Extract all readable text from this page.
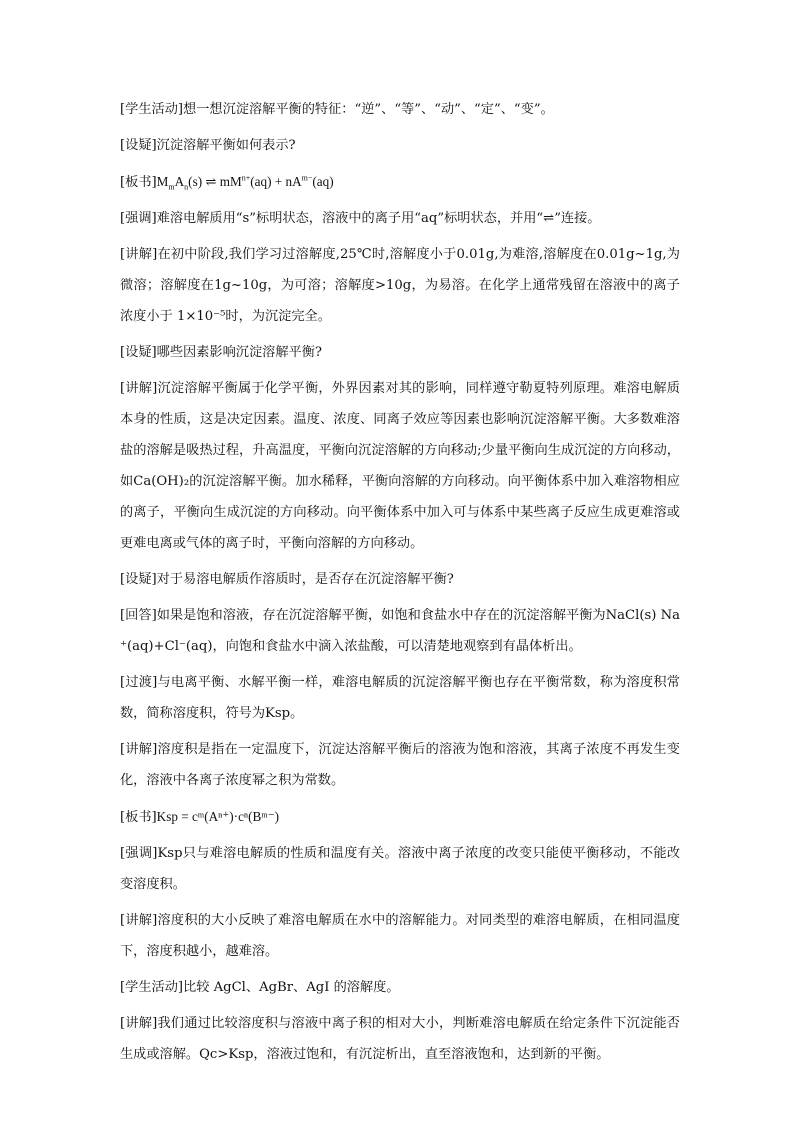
[学生活动]想一想沉淀溶解平衡的特征：“逆”、“等”、“动”、“定”、“变”。

[设疑]沉淀溶解平衡如何表示?

[板书]$M_mA_n(s)$ ⇌ $mM^{n+}(aq) + nA^{m-}(aq)$

[强调]难溶电解质用“s”标明状态，溶液中的离子用“aq”标明状态，并用“⇌”连接。

[讲解]在初中阶段,我们学习过溶解度,25℃时,溶解度小于0.01g,为难溶,溶解度在0.01g~1g,为微溶；溶解度在1g~10g，为可溶；溶解度>10g，为易溶。在化学上通常残留在溶液中的离子浓度小于 1×10⁻⁵时，为沉淀完全。

[设疑]哪些因素影响沉淀溶解平衡?

[讲解]沉淀溶解平衡属于化学平衡，外界因素对其的影响，同样遵守勒夏特列原理。难溶电解质本身的性质，这是决定因素。温度、浓度、同离子效应等因素也影响沉淀溶解平衡。大多数难溶盐的溶解是吸热过程，升高温度，平衡向沉淀溶解的方向移动;少量平衡向生成沉淀的方向移动，如Ca(OH)₂的沉淀溶解平衡。加水稀释，平衡向溶解的方向移动。向平衡体系中加入难溶物相应的离子，平衡向生成沉淀的方向移动。向平衡体系中加入可与体系中某些离子反应生成更难溶或更难电离或气体的离子时，平衡向溶解的方向移动。

[设疑]对于易溶电解质作溶质时，是否存在沉淀溶解平衡?

[回答]如果是饱和溶液，存在沉淀溶解平衡，如饱和食盐水中存在的沉淀溶解平衡为NaCl(s) Na⁺(aq)+Cl⁻(aq)，向饱和食盐水中滴入浓盐酸，可以清楚地观察到有晶体析出。

[过渡]与电离平衡、水解平衡一样，难溶电解质的沉淀溶解平衡也存在平衡常数，称为溶度积常数，简称溶度积，符号为Ksp。

[讲解]溶度积是指在一定温度下，沉淀达溶解平衡后的溶液为饱和溶液，其离子浓度不再发生变化，溶液中各离子浓度幂之积为常数。

[板书]Ksp = cᵐ(Aⁿ⁺)·cⁿ(Bᵐ⁻)

[强调]Ksp只与难溶电解质的性质和温度有关。溶液中离子浓度的改变只能使平衡移动，不能改变溶度积。

[讲解]溶度积的大小反映了难溶电解质在水中的溶解能力。对同类型的难溶电解质，在相同温度下，溶度积越小，越难溶。

[学生活动]比较 AgCl、AgBr、AgI 的溶解度。

[讲解]我们通过比较溶度积与溶液中离子积的相对大小，判断难溶电解质在给定条件下沉淀能否生成或溶解。Qc>Ksp，溶液过饱和，有沉淀析出，直至溶液饱和，达到新的平衡。
